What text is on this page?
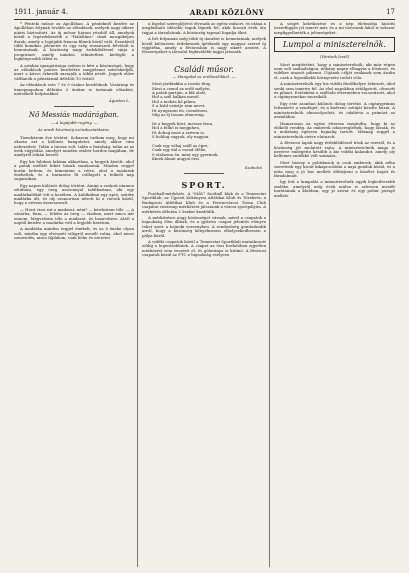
1911. január 4.	ARADI KÖZLÖNY	17

* Pénteki műsor az Apollóban. A pénteknél kezdve az Apollóban folynak tovább az előadások, melyek nagy sikere máris biztosított. Az új műsor három részből áll, amelyek közül a legérdekesebb a "Haláltánc" című mozgóképes darab, amely a legújabb francia filmek közül való. Ezenkívül több komikus jelenetet és egy szép természeti felvételt is bemutatnak. A közönség nagy érdeklődéssel várja a programot, amely minden tekintetben kielégíti a legkényesebb ízlést is.

A színház igazgatósága ezúton is kéri a közönséget, hogy az előadások pontos kezdetére megjelenni szíveskedjék, mert a késve érkezők zavarják a többi nézőt. Jegyek előre válthatók a pénztárnál délelőtt 10 órától.

Az előadások este 7 és 9 órakor kezdődnek. Vasárnap és ünnepnapokon délután 3 órakor is tartanak előadást, mérsékelt helyárakkal.

Ágoston L.
Nő Messiás madárágban.
— A legújabb regény. —
Az aradi közönség szórakoztatására.

Tizenhárom éve történt. Sohasem tudtam meg, hogy mi okozta azt a különös hangulatot, amely akkor rám nehezedett. Talán a tavasz volt, talán a fiatalság, talán az az örök vágyódás, amelyet minden ember hordoz magában, de amelyről ritkán beszél.

Egy kis faluban laktam akkoriban, a hegyek között, ahol a patak mellett fehér házak sorakoztak. Minden reggel korán keltem, és kimentem a rétre, ahol a madarak énekeltek, és a harmatos fű csillogott a felkelő nap sugaraiban.

Egy napon különös dolog történt. Amint a szokott utamon sétáltam, egy öreg asszonnyal találkoztam, aki egy madárkalitkát vitt a kezében. A kalitkában egy apró, szürke madárka ült, és oly szomorúan nézett ki a rácsok közül, hogy a szívem összeszorult.

— Hová viszi ezt a madarat, néni? — kérdeztem tőle. — A vásárba, fiam, — felelte az öreg — eladom, mert nincs mit ennem. Megvettem tőle a madarat, és hazavittem. Attól a naptól kezdve a madárka volt a legjobb barátom.

A madárka minden reggel énekelt, és az ő éneke olyan volt, mintha egy elveszett világról mesélt volna, ahol nincs szenvedés, nincs fájdalom, csak béke és szeretet.

a legelső szereplőjével elveszik az egész műsort, és utána a megbízható idősebb tagok lépnek fel, akik hosszú évek óta tagjai a társulatnak. A közönség tapssal fogadja őket.

A hét folyamán még több új darabot is bemutatnak, melyek közül különösen érdekesnek ígérkezik egy magyar szerző új vígjátéka, amely a fővárosban is nagy sikert aratott. A főszerepeket a társulat legkiválóbb tagjai játsszák.

Családi műsor.
— Hangulat az erdőszélikkel. —
Most járdánkba a rozsás fény,
Most a csend az erdő mélyén,
A patak partján, a fák alatt,
Hol a szél halkan mesél.
Hol a mohás kő pihen,
S a hold ezüstje rám nevet,
Itt nyugszom én, csendesen,
Míg az éj lassan elmereng.

Itt a hegyek közt, messze fenn,
Hol a felhő is megpihen,
Itt dobog most a szívem is,
S boldog vagyok, oly nagyon.

Csak egy sóhaj száll az égre,
Csak egy dal a csend ölébe,
S elalszom én, mint egy gyermek,
Kinek álmát angyal őrzi.
Szabolcs
SPORT.

Football-mérkőzés. A "MÁV" football klub és a Temesvári Sportklub, az Újpesti Kökényesi Atlétikai Klub és Törekvés, a Budapesti Atlétikai Klub és a Ferencvárosi Torna Club csapatai vasárnap mérkőzést játszanak a városi sportpályán. A mérkőzés délután 2 órakor kezdődik.

A mérkőzésre nagy közönséget várnak, mivel a csapatok a bajnokság élén állnak, és a győztes csapat jelentős előnyre tehet szert a bajnoki versenyben. A rendezőség gondoskodik arról, hogy a közönség kényelmesen elhelyezkedhessen a pálya körül.

A vidéki csapatok közül a Temesvári Sportklub mutatkozott eddig a legerősebbnek. A csapat az őszi fordulóban egyetlen mérkőzést sem vesztett el, és gólaránya is kitűnő. A fővárosi csapatok közül az FTC a bajnokság esélyese.

A sziget keletkezése és a nép életmódja közötti összefüggés jól ismert már, és a mi városunk lakói is sokszor megfigyelhették a jelenségeket.

Lumpol a miniszterelnök.
(Vörösek levél)

Most megtörtént, hogy a miniszterelnök, aki már régen nem volt szabadságon, néhány napra elhagyta a fővárost, és vidékre utazott pihenni. Útjának célját senkinek sem árulta el, csak a legszűkebb környezete tudott róla.

A miniszterelnök egy kis vidéki fürdőhelyre érkezett, ahol senki sem ismerte fel. Az első napokban sétálgatott, olvasott és pihent. Esténként a szálloda éttermében vacsorázott, ahol a cigányzenekar muzsikált.

Egy este azonban különös dolog történt. A cigányprímás felismerte a vendéget, és a kedvenc nótáját kezdte húzni. A miniszterelnök elmosolyodott, és odahívta a prímást az asztalához.

Hamarosan az egész étterem megtudta, hogy ki az előkelő vendég. Az emberek odasereglettek, hogy lássák, és a mulatság egészen hajnalig tartott. Másnap reggel a miniszterelnök sietve elutazott.

A fővárosi lapok nagy érdeklődéssel írtak az esetről, és a közönség jót mulatott rajta. A miniszterelnök maga is nevetve emlegette később a kis vidéki kalandot, amely oly kellemes emlékké vált számára.

Mert bizony a politikusok is csak emberek, akik néha szeretnek egy kicsit kikapcsolódni a napi gondok közül, és a nóta meg a jó bor mellett elfelejteni a közélet bajait és fáradalmait.

Így lett a lumpolás a miniszterelnök egyik legkedvesebb emléke, amelyről még évek múlva is szívesen mesélt barátainak a klubban, egy jó szivar és egy pohár pezsgő mellett.
